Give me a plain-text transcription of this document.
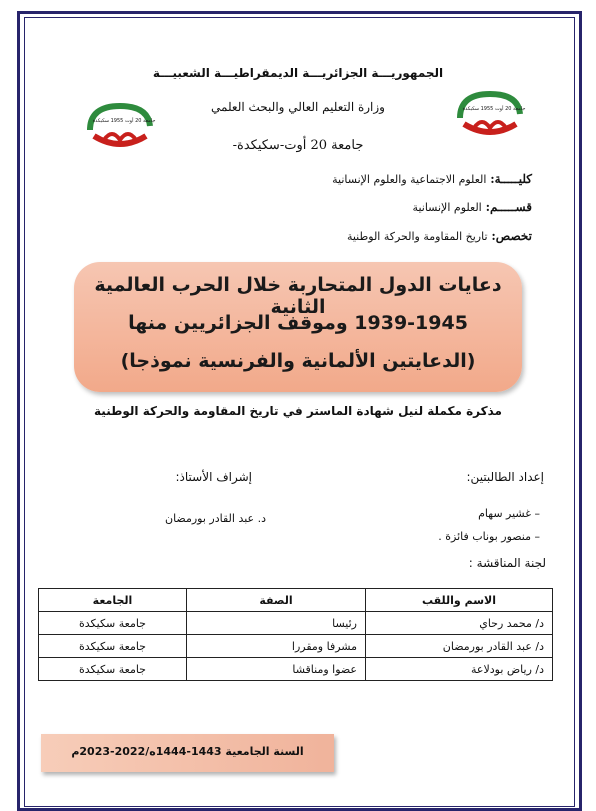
الجمهوريـــة الجزائريـــة الديمقراطيـــة الشعبيـــة
وزارة التعليم العالي والبحث العلمي
جامعة 20 أوت-سكيكدة-
جامعة 20 أوت 1955 سكيكدة
جامعة 20 أوت 1955 سكيكدة
كليـــــة: العلوم الاجتماعية والعلوم الإنسانية
قســـــم: العلوم الإنسانية
تخصص: تاريخ المقاومة والحركة الوطنية
دعايات الدول المتحاربة خلال الحرب العالمية الثانية
1939-1945 وموقف الجزائريين منها
(الدعايتين الألمانية والفرنسية نموذجا)
مذكرة مكملة لنيل شهادة الماستر في تاريخ المقاومة والحركة الوطنية
إعداد الطالبتين:
إشراف الأستاذ:
– غشير سهام
– منصور بوناب فائزة .
د. عبد القادر بورمضان
لجنة المناقشة :
الاسم واللقب	الصفة	الجامعة
د/ محمد رحاي	رئيسا	جامعة سكيكدة
د/ عبد القادر بورمضان	مشرفا ومقررا	جامعة سكيكدة
د/ رياض بودلاعة	عضوا ومناقشا	جامعة سكيكدة
السنة الجامعية 1443-1444ه/2022-2023م
